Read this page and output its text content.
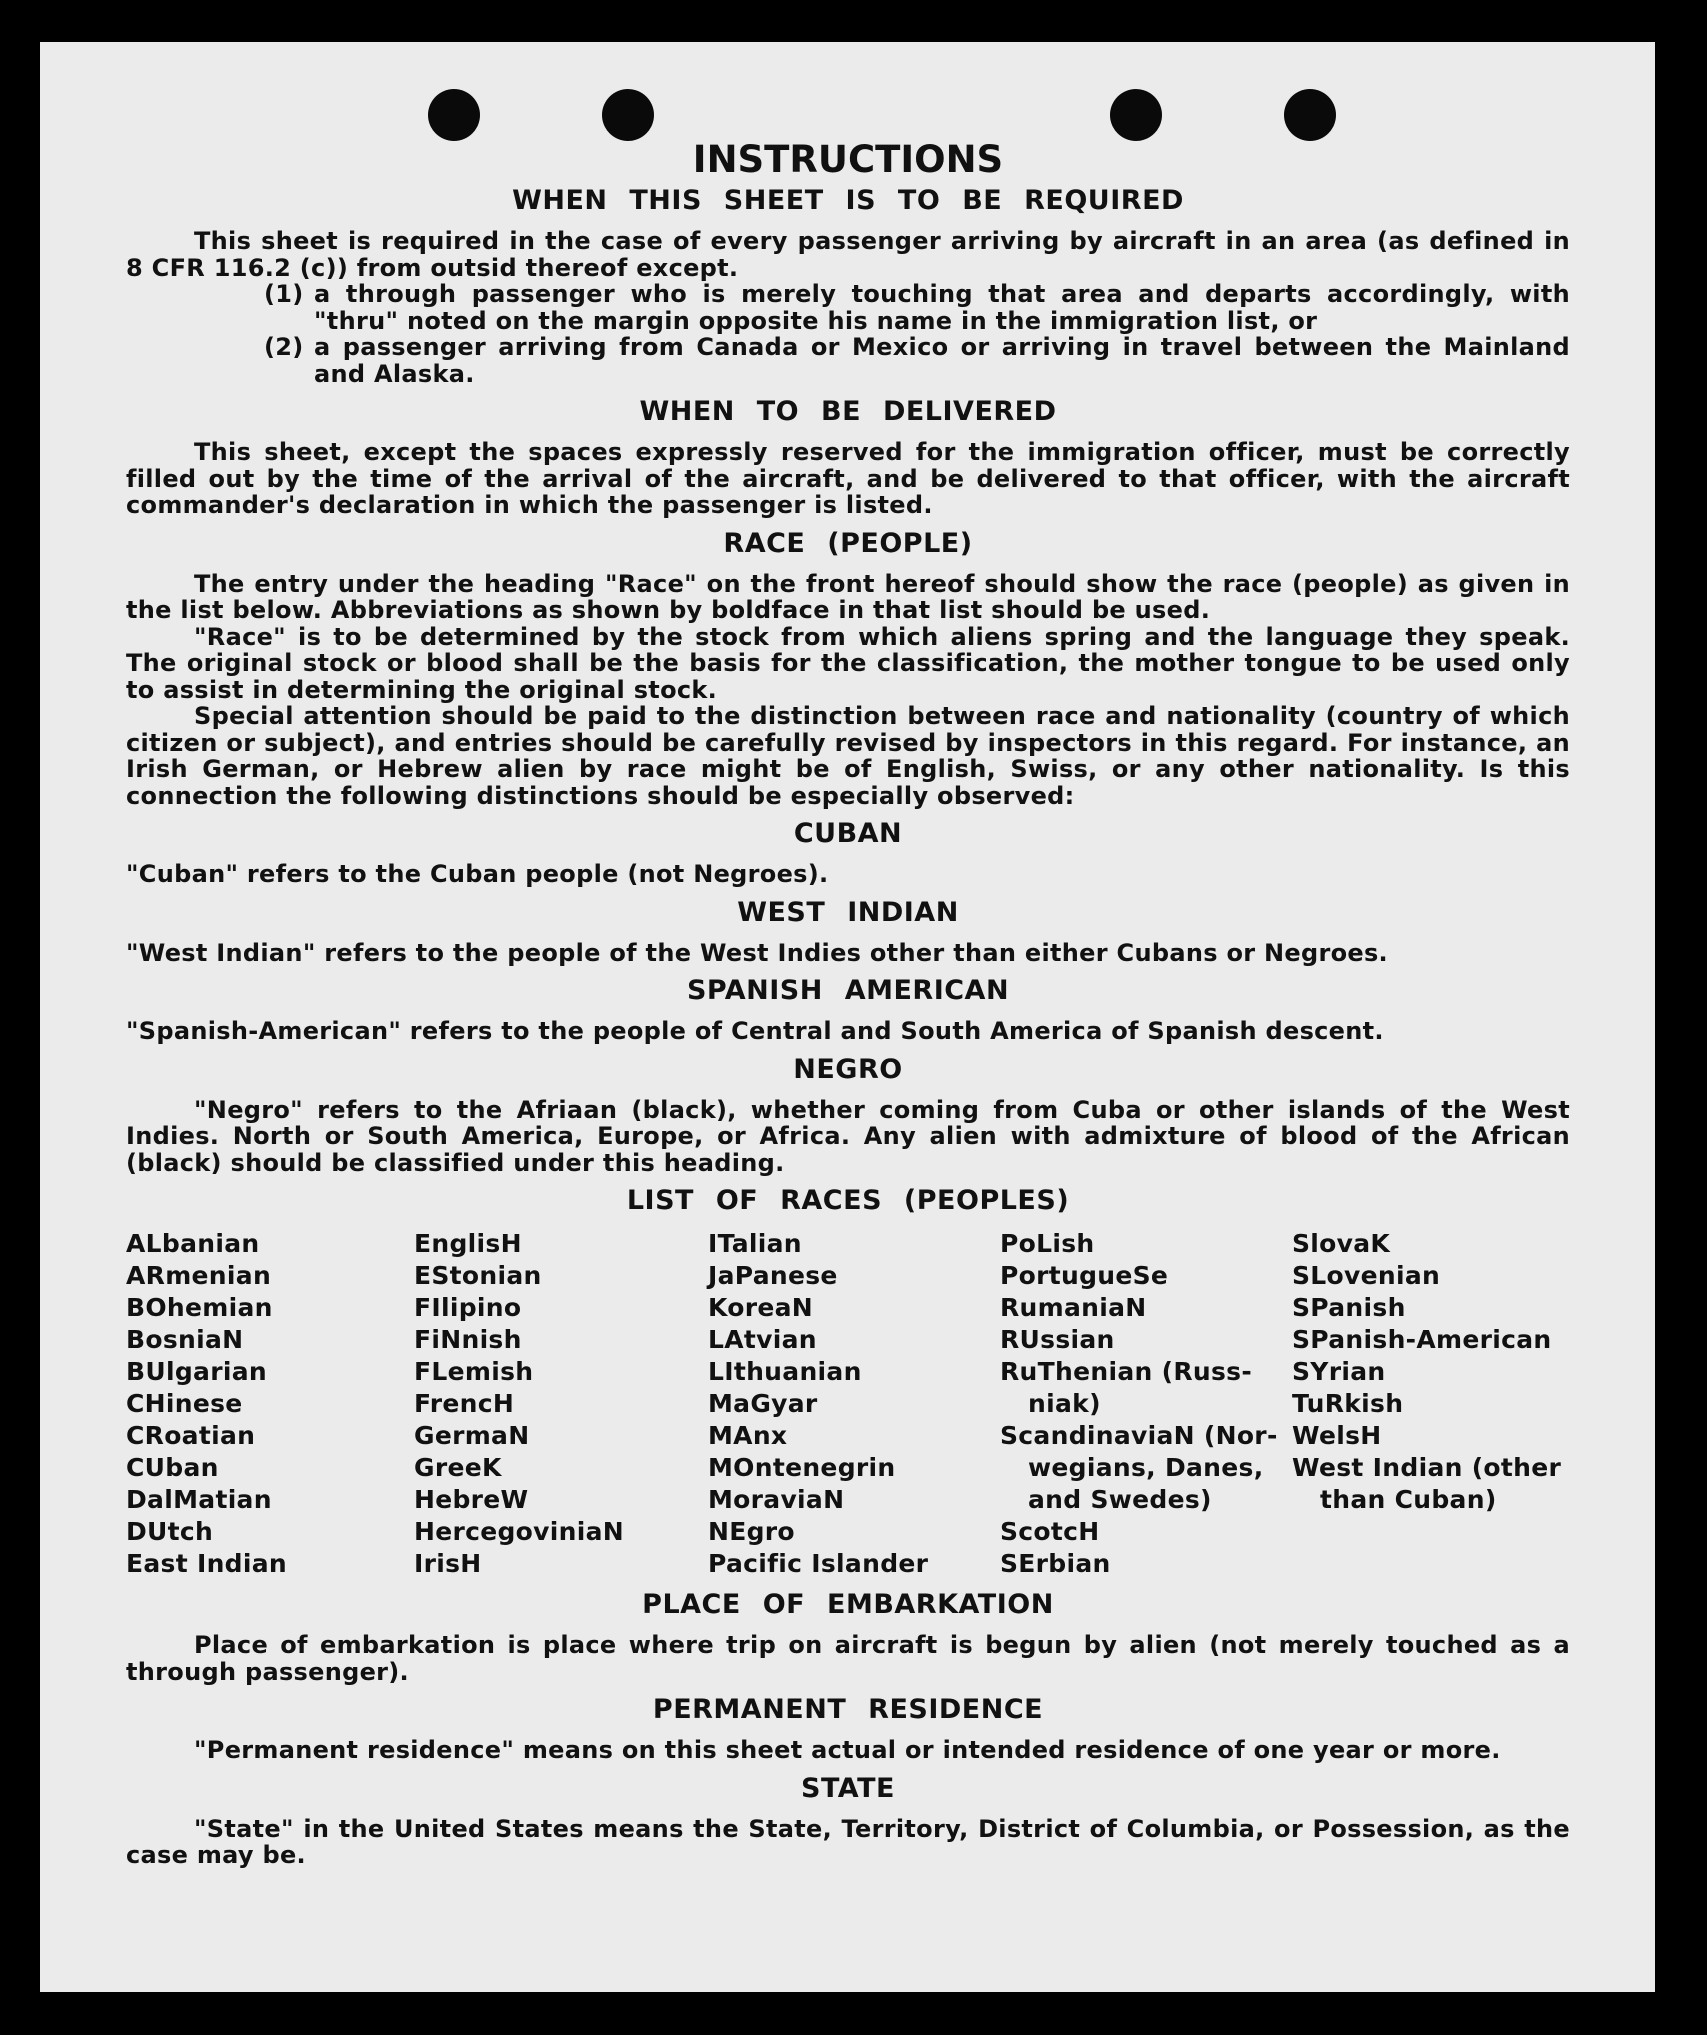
INSTRUCTIONS
WHEN THIS SHEET IS TO BE REQUIRED

This sheet is required in the case of every passenger arriving by aircraft in an area (as defined in 8 CFR 116.2 (c)) from outsid thereof except.

(1) a through passenger who is merely touching that area and departs accordingly, with "thru" noted on the margin opposite his name in the immigration list, or
(2) a passenger arriving from Canada or Mexico or arriving in travel between the Mainland and Alaska.
WHEN TO BE DELIVERED

This sheet, except the spaces expressly reserved for the immigration officer, must be correctly filled out by the time of the arrival of the aircraft, and be delivered to that officer, with the aircraft commander's declaration in which the passenger is listed.

RACE (PEOPLE)

The entry under the heading "Race" on the front hereof should show the race (people) as given in the list below. Abbreviations as shown by boldface in that list should be used.

"Race" is to be determined by the stock from which aliens spring and the language they speak. The original stock or blood shall be the basis for the classification, the mother tongue to be used only to assist in determining the original stock.

Special attention should be paid to the distinction between race and nationality (country of which citizen or subject), and entries should be carefully revised by inspectors in this regard. For instance, an Irish German, or Hebrew alien by race might be of English, Swiss, or any other nationality. Is this connection the following distinctions should be especially observed:

CUBAN

"Cuban" refers to the Cuban people (not Negroes).

WEST INDIAN

"West Indian" refers to the people of the West Indies other than either Cubans or Negroes.

SPANISH AMERICAN

"Spanish-American" refers to the people of Central and South America of Spanish descent.

NEGRO

"Negro" refers to the Afriaan (black), whether coming from Cuba or other islands of the West Indies. North or South America, Europe, or Africa. Any alien with admixture of blood of the African (black) should be classified under this heading.

LIST OF RACES (PEOPLES)
ALbanian
ARmenian
BOhemian
BosniaN
BUlgarian
CHinese
CRoatian
CUban
DalMatian
DUtch
East Indian
EnglisH
EStonian
FIlipino
FiNnish
FLemish
FrencH
GermaN
GreeK
HebreW
HercegoviniaN
IrisH
ITalian
JaPanese
KoreaN
LAtvian
LIthuanian
MaGyar
MAnx
MOntenegrin
MoraviaN
NEgro
Pacific Islander
PoLish
PortugueSe
RumaniaN
RUssian
RuThenian (Russ-
niak)
ScandinaviaN (Nor-
wegians, Danes,
and Swedes)
ScotcH
SErbian
SlovaK
SLovenian
SPanish
SPanish-American
SYrian
TuRkish
WelsH
West Indian (other
than Cuban)
PLACE OF EMBARKATION

Place of embarkation is place where trip on aircraft is begun by alien (not merely touched as a through passenger).

PERMANENT RESIDENCE

"Permanent residence" means on this sheet actual or intended residence of one year or more.

STATE

"State" in the United States means the State, Territory, District of Columbia, or Possession, as the case may be.
